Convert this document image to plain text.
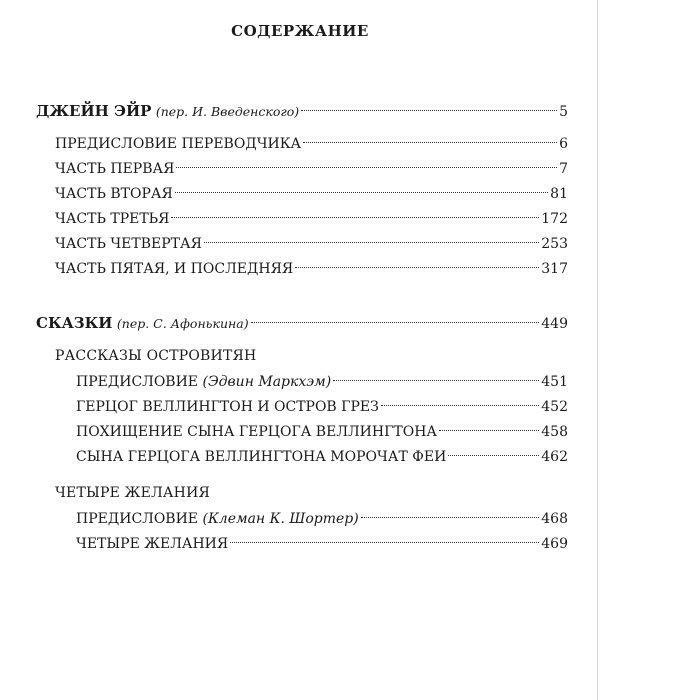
СОДЕРЖАНИЕ
ДЖЕЙН ЭЙР (пер. И. Введенского)	5
ПРЕДИСЛОВИЕ ПЕРЕВОДЧИКА	6
ЧАСТЬ ПЕРВАЯ	7
ЧАСТЬ ВТОРАЯ	81
ЧАСТЬ ТРЕТЬЯ	172
ЧАСТЬ ЧЕТВЕРТАЯ	253
ЧАСТЬ ПЯТАЯ, И ПОСЛЕДНЯЯ	317
СКАЗКИ (пер. С. Афонькина)	449
РАССКАЗЫ ОСТРОВИТЯН
ПРЕДИСЛОВИЕ (Эдвин Маркхэм)	451
ГЕРЦОГ ВЕЛЛИНГТОН И ОСТРОВ ГРЕЗ	452
ПОХИЩЕНИЕ СЫНА ГЕРЦОГА ВЕЛЛИНГТОНА	458
СЫНА ГЕРЦОГА ВЕЛЛИНГТОНА МОРОЧАТ ФЕИ	462
ЧЕТЫРЕ ЖЕЛАНИЯ
ПРЕДИСЛОВИЕ (Клеман К. Шортер)	468
ЧЕТЫРЕ ЖЕЛАНИЯ	469
